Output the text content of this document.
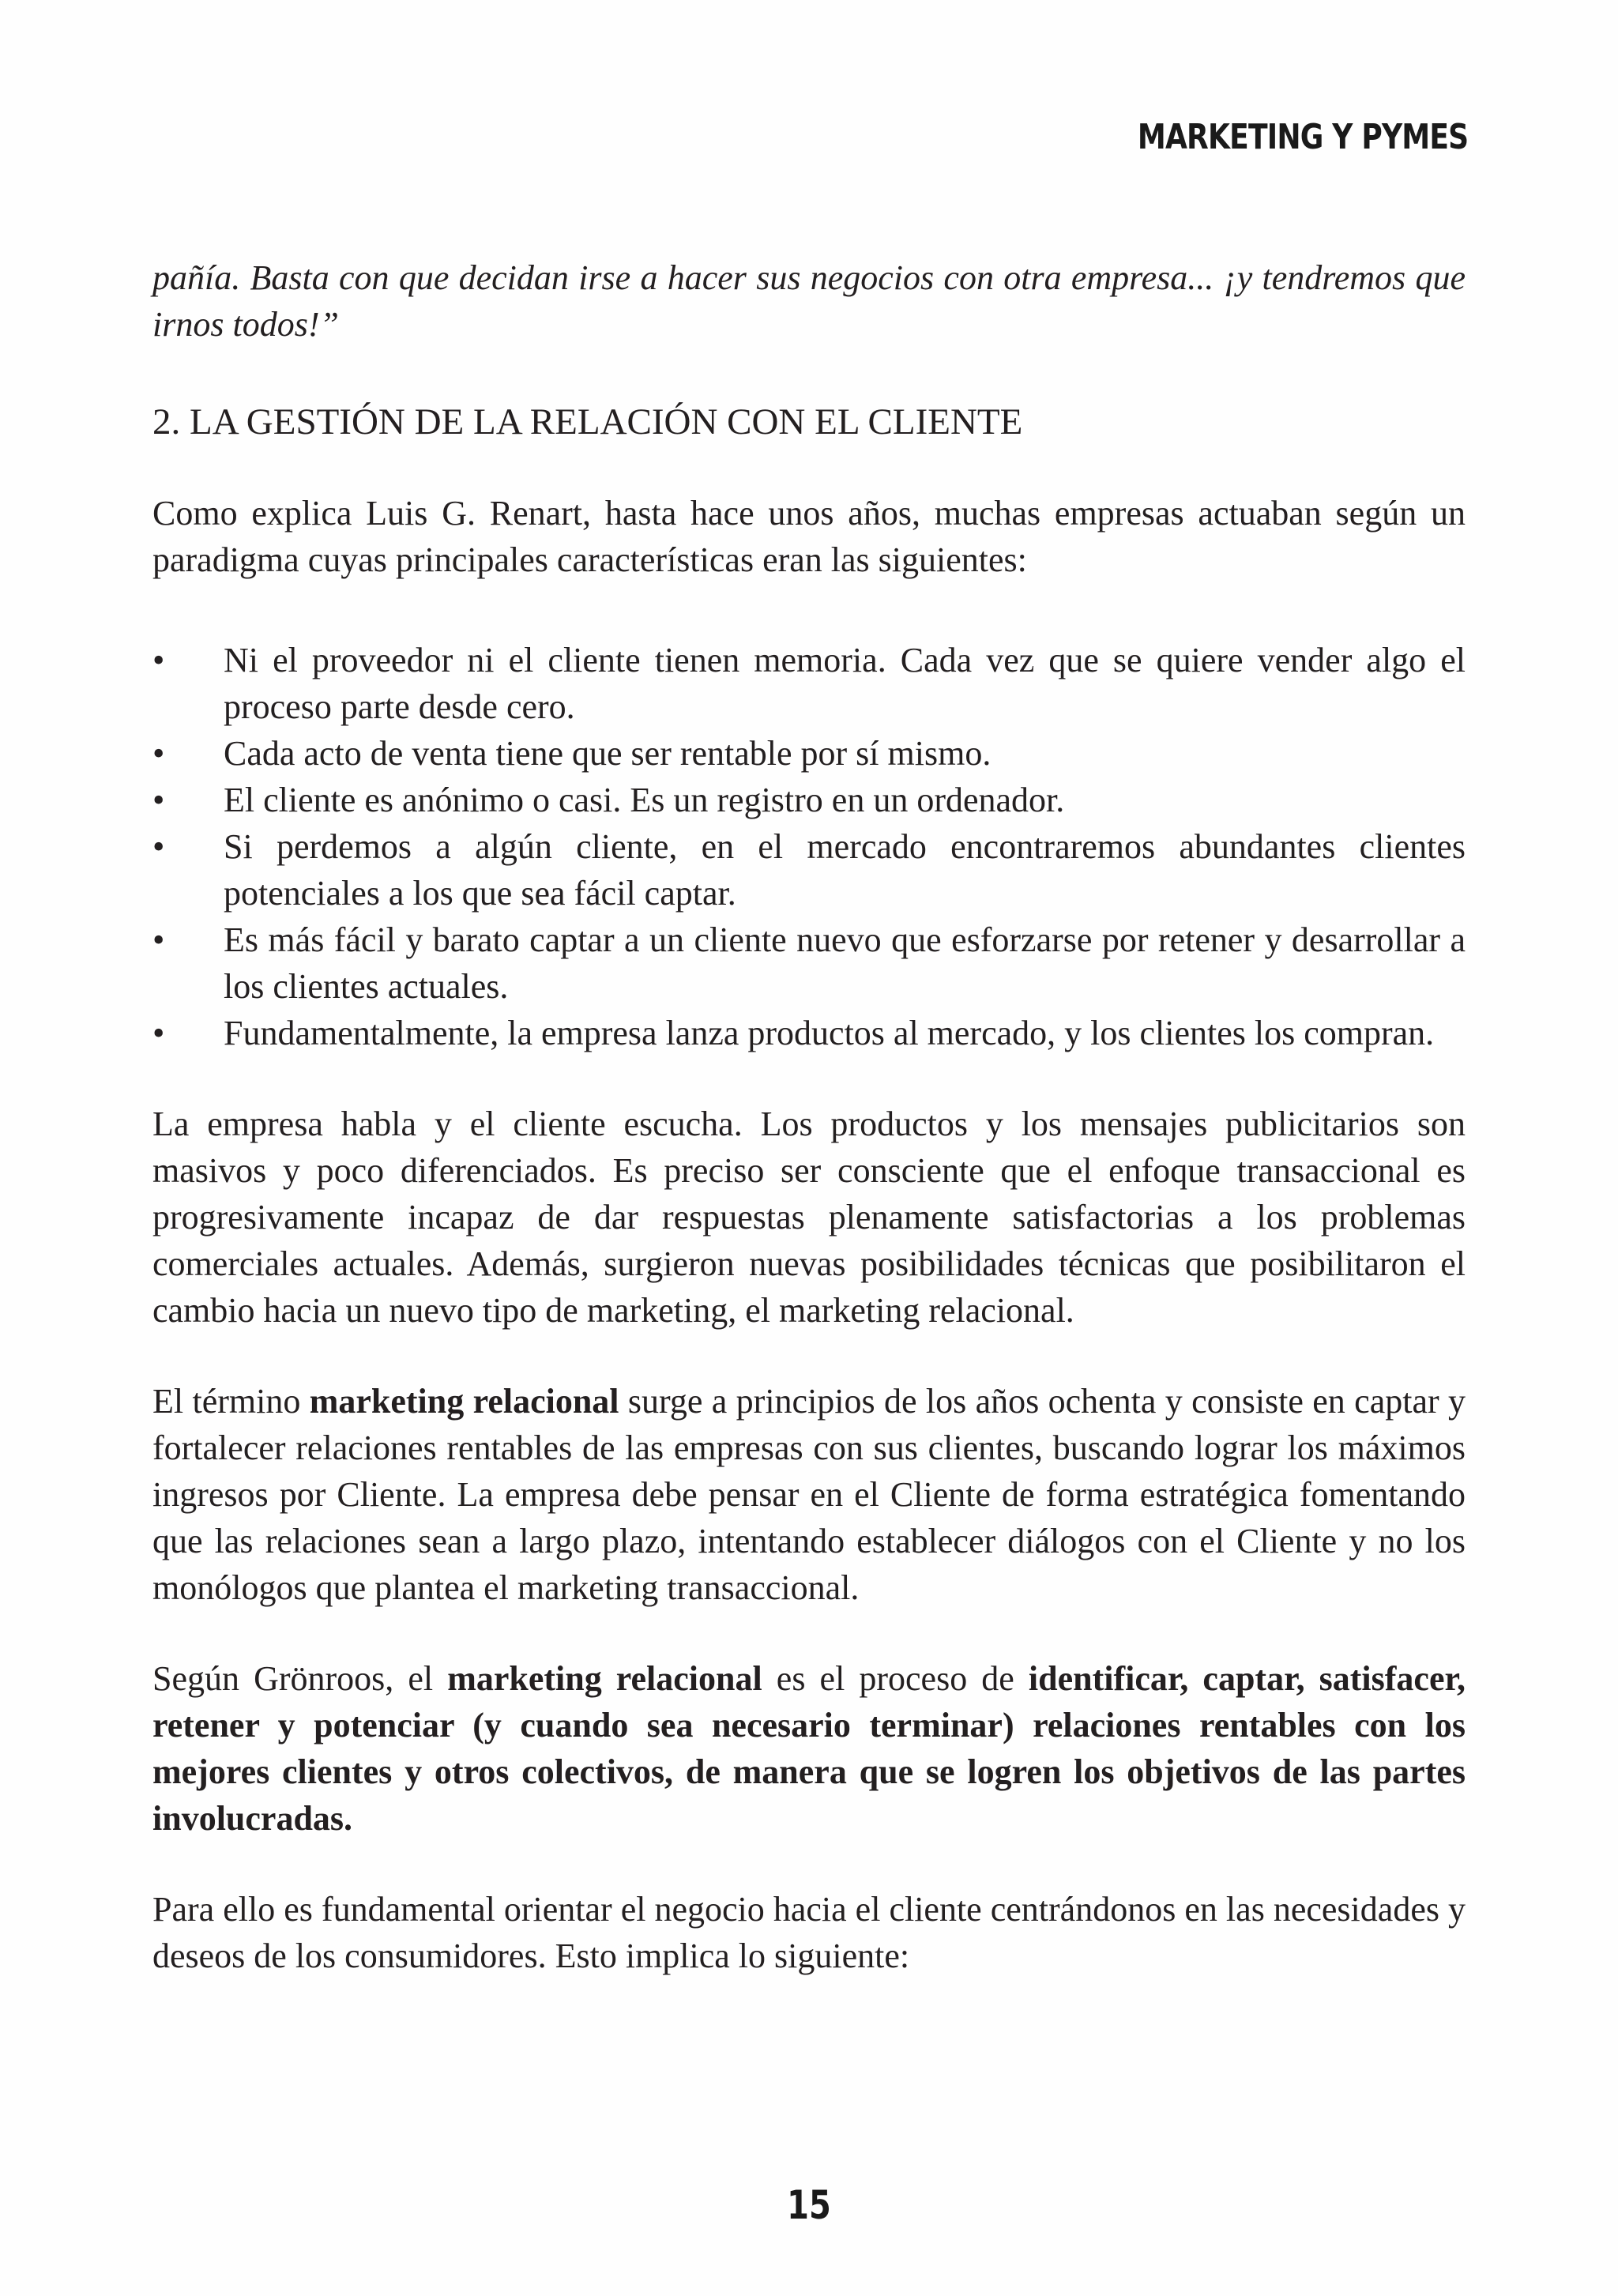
MARKETING Y PYMES

pañía. Basta con que decidan irse a hacer sus negocios con otra empresa... ¡y tendremos que irnos todos!”

2. LA GESTIÓN DE LA RELACIÓN CON EL CLIENTE

Como explica Luis G. Renart, hasta hace unos años, muchas empresas actuaban según un paradigma cuyas principales características eran las siguientes:

•	Ni el proveedor ni el cliente tienen memoria. Cada vez que se quiere vender algo el proceso parte desde cero.
•	Cada acto de venta tiene que ser rentable por sí mismo.
•	El cliente es anónimo o casi. Es un registro en un ordenador.
•	Si perdemos a algún cliente, en el mercado encontraremos abundantes clientes potenciales a los que sea fácil captar.
•	Es más fácil y barato captar a un cliente nuevo que esforzarse por retener y desarrollar a los clientes actuales.
•	Fundamentalmente, la empresa lanza productos al mercado, y los clientes los compran.

La empresa habla y el cliente escucha. Los productos y los mensajes publicitarios son masivos y poco diferenciados. Es preciso ser consciente que el enfoque transaccional es progresivamente incapaz de dar respuestas plenamente satisfactorias a los problemas comerciales actuales. Además, surgieron nuevas posibilidades técnicas que posibilitaron el cambio hacia un nuevo tipo de marketing, el marketing relacional.

El término marketing relacional surge a principios de los años ochenta y consiste en captar y fortalecer relaciones rentables de las empresas con sus clientes, buscando lograr los máximos ingresos por Cliente. La empresa debe pensar en el Cliente de forma estratégica fomentando que las relaciones sean a largo plazo, intentando establecer diálogos con el Cliente y no los monólogos que plantea el marketing transaccional.

Según Grönroos, el marketing relacional es el proceso de identificar, captar, satisfacer, retener y potenciar (y cuando sea necesario terminar) relaciones rentables con los mejores clientes y otros colectivos, de manera que se logren los objetivos de las partes involucradas.

Para ello es fundamental orientar el negocio hacia el cliente centrándonos en las necesidades y deseos de los consumidores. Esto implica lo siguiente:

15
